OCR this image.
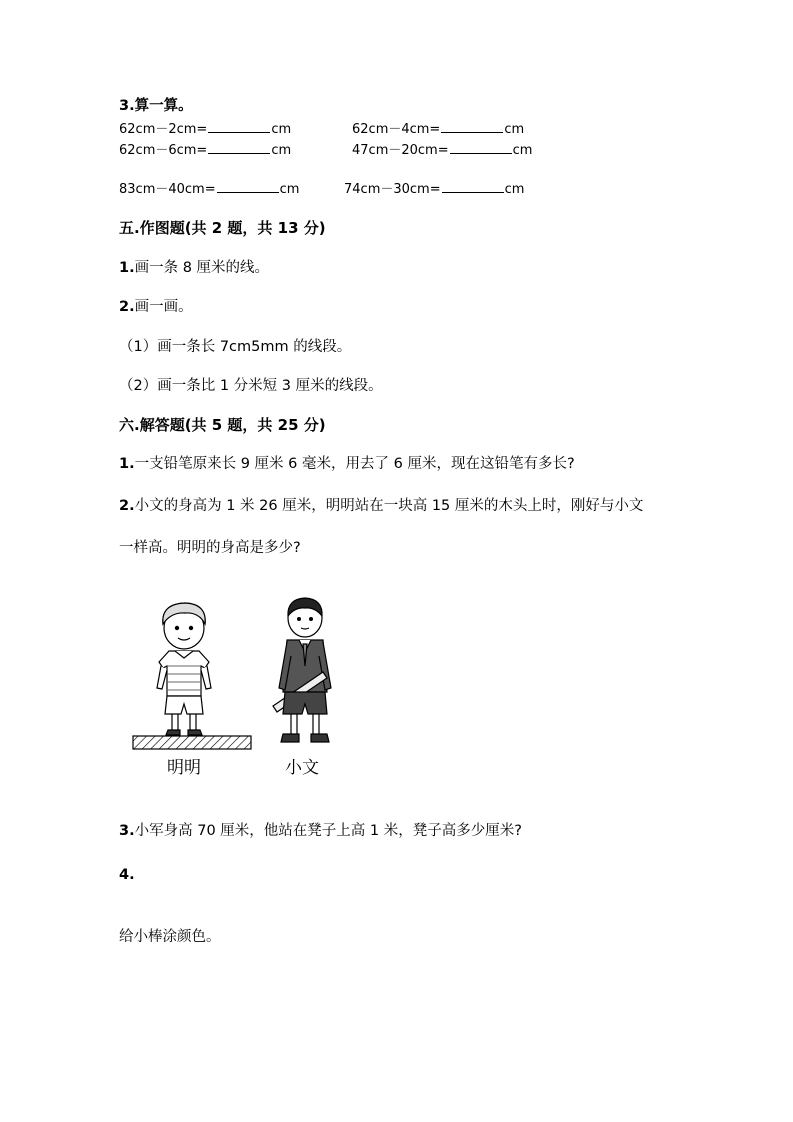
3.算一算。
62cm－2cm=	cm	62cm－4cm=	cm
62cm－6cm=	cm	47cm－20cm=	cm
83cm－40cm=	cm	74cm－30cm=	cm
五.作图题(共 2 题，共 13 分)
1.画一条 8 厘米的线。
2.画一画。
（1）画一条长 7cm5mm 的线段。
（2）画一条比 1 分米短 3 厘米的线段。
六.解答题(共 5 题，共 25 分)
1.一支铅笔原来长 9 厘米 6 毫米，用去了 6 厘米，现在这铅笔有多长?
2.小文的身高为 1 米 26 厘米，明明站在一块高 15 厘米的木头上时，刚好与小文
一样高。明明的身高是多少?
明明	小文
3.小军身高 70 厘米，他站在凳子上高 1 米，凳子高多少厘米?
4.
给小棒涂颜色。
